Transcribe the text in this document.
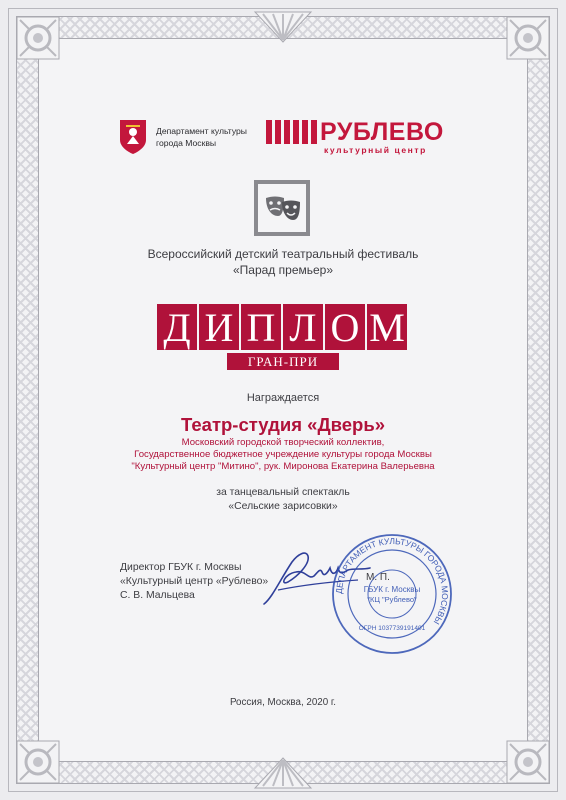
Департамент культуры
города Москвы	РУБЛЕВО
культурный центр
Всероссийский детский театральный фестиваль
«Парад премьер»
Д И П Л О М
ГРАН-ПРИ
Награждается
Театр-студия «Дверь»
Московский городской творческий коллектив,
Государственное бюджетное учреждение культуры города Москвы
"Культурный центр "Митино", рук. Миронова Екатерина Валерьевна
за танцевальный спектакль
«Сельские зарисовки»
Директор ГБУК г. Москвы
«Культурный центр «Рублево»
С. В. Мальцева	ДЕПАРТАМЕНТ КУЛЬТУРЫ ГОРОДА МОСКВЫ
ГБУК г. Москвы
"КЦ "Рублево"
ОГРН 1037739191401
М. П.
Россия, Москва, 2020 г.
